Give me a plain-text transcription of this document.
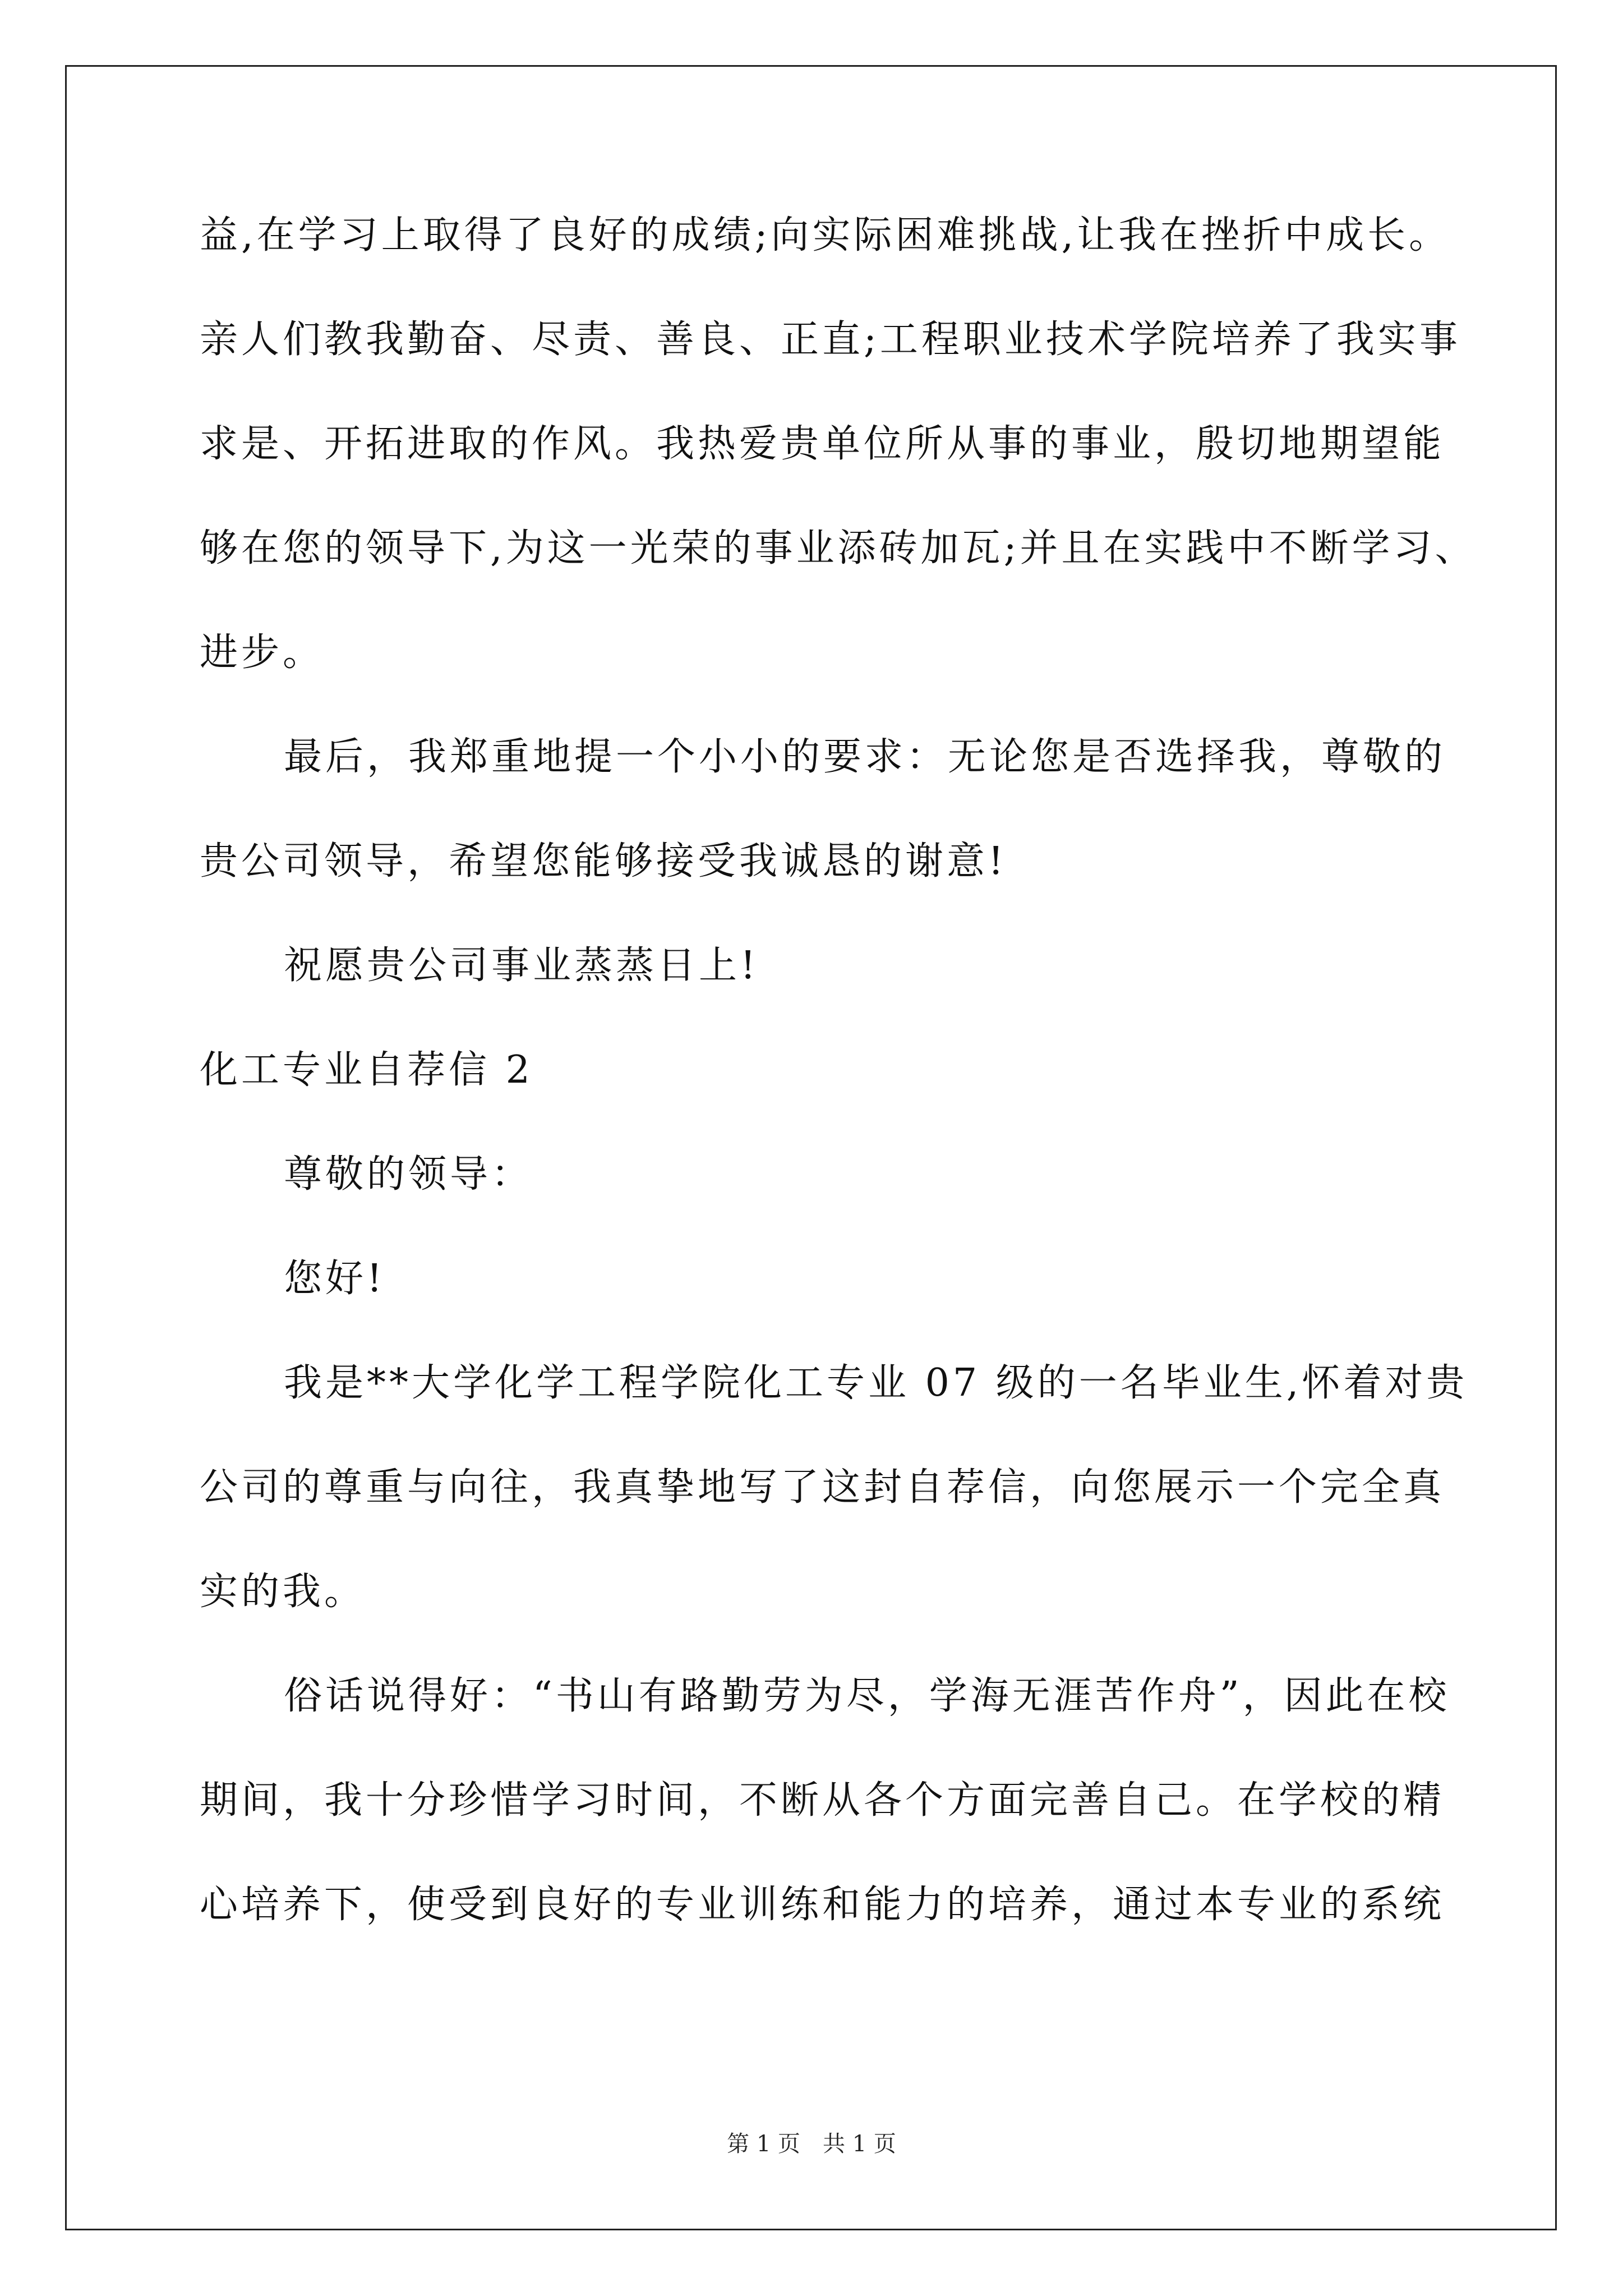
益,在学习上取得了良好的成绩;向实际困难挑战,让我在挫折中成长。
亲人们教我勤奋、尽责、善良、正直;工程职业技术学院培养了我实事
求是、开拓进取的作风。我热爱贵单位所从事的事业，殷切地期望能
够在您的领导下,为这一光荣的事业添砖加瓦;并且在实践中不断学习、
进步。
最后，我郑重地提一个小小的要求：无论您是否选择我，尊敬的
贵公司领导，希望您能够接受我诚恳的谢意!
祝愿贵公司事业蒸蒸日上!
化工专业自荐信 2
尊敬的领导：
您好!
我是**大学化学工程学院化工专业 07 级的一名毕业生,怀着对贵
公司的尊重与向往，我真挚地写了这封自荐信，向您展示一个完全真
实的我。
俗话说得好：“书山有路勤劳为尽，学海无涯苦作舟”，因此在校
期间，我十分珍惜学习时间，不断从各个方面完善自己。在学校的精
心培养下，使受到良好的专业训练和能力的培养，通过本专业的系统
第 1 页　共 1 页
